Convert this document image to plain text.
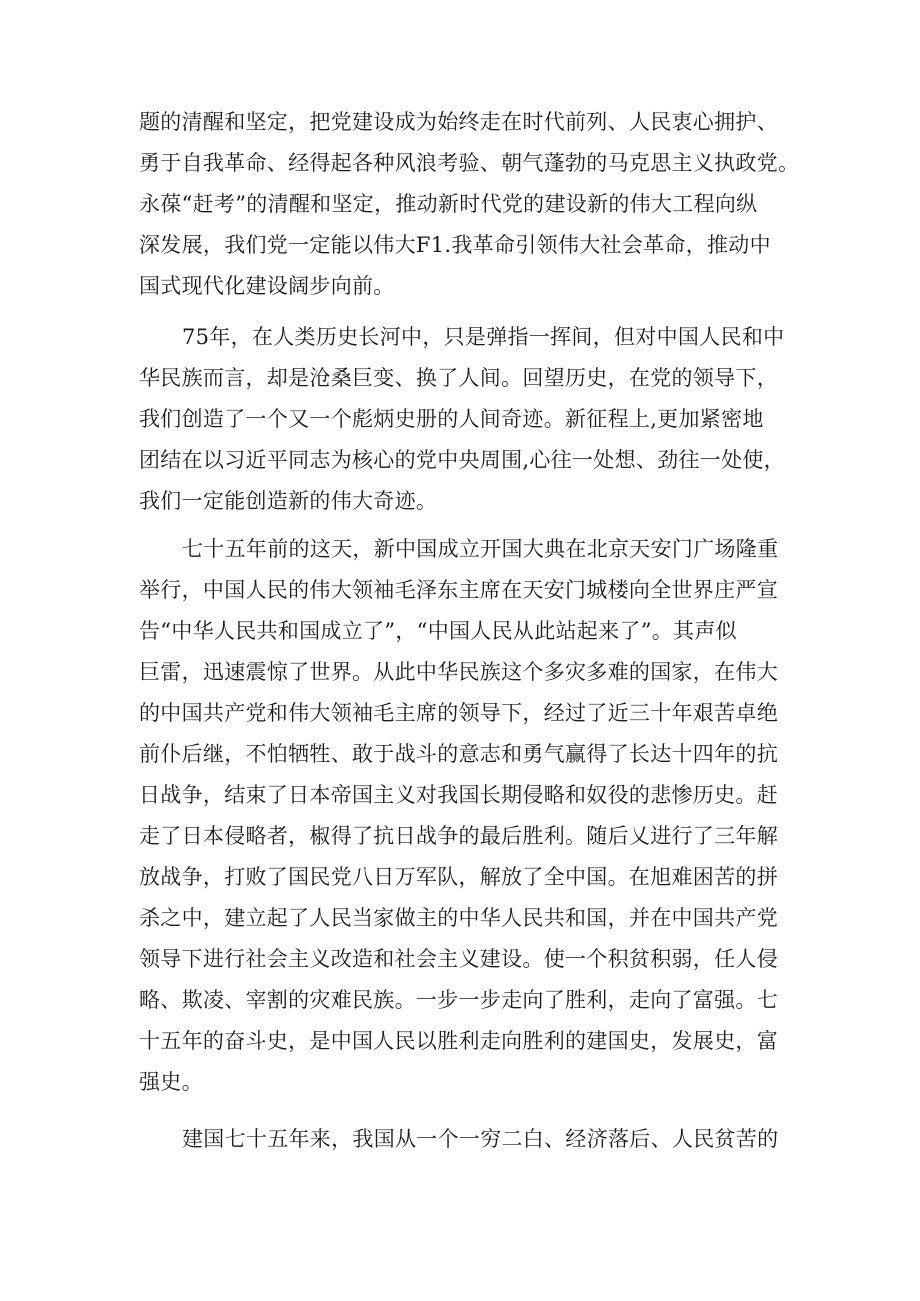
题的清醒和坚定，把党建设成为始终走在时代前列、人民衷心拥护、
勇于自我革命、经得起各种风浪考验、朝气蓬勃的马克思主义执政党。
永葆“赶考”的清醒和坚定，推动新时代党的建设新的伟大工程向纵
深发展，我们党一定能以伟大F1.我革命引领伟大社会革命，推动中
国式现代化建设阔步向前。
75年，在人类历史长河中，只是弹指一挥间，但对中国人民和中
华民族而言，却是沧桑巨变、换了人间。回望历史，在党的领导下，
我们创造了一个又一个彪炳史册的人间奇迹。新征程上,更加紧密地
团结在以习近平同志为核心的党中央周围,心往一处想、劲往一处使，
我们一定能创造新的伟大奇迹。
七十五年前的这天，新中国成立开国大典在北京天安门广场隆重
举行，中国人民的伟大领袖毛泽东主席在天安门城楼向全世界庄严宣
告“中华人民共和国成立了”，“中国人民从此站起来了”。其声似
巨雷，迅速震惊了世界。从此中华民族这个多灾多难的国家，在伟大
的中国共产党和伟大领袖毛主席的领导下，经过了近三十年艰苦卓绝
前仆后继，不怕牺牲、敢于战斗的意志和勇气赢得了长达十四年的抗
日战争，结束了日本帝国主义对我国长期侵略和奴役的悲惨历史。赶
走了日本侵略者，椒得了抗日战争的最后胜利。随后乂进行了三年解
放战争，打败了国民党八日万军队，解放了全中国。在旭难困苦的拼
杀之中，建立起了人民当家做主的中华人民共和国，并在中国共产党
领导下进行社会主义改造和社会主义建设。使一个积贫积弱，任人侵
略、欺凌、宰割的灾难民族。一步一步走向了胜利，走向了富强。七
十五年的奋斗史，是中国人民以胜利走向胜利的建国史，发展史，富
强史。
建国七十五年来，我国从一个一穷二白、经济落后、人民贫苦的
